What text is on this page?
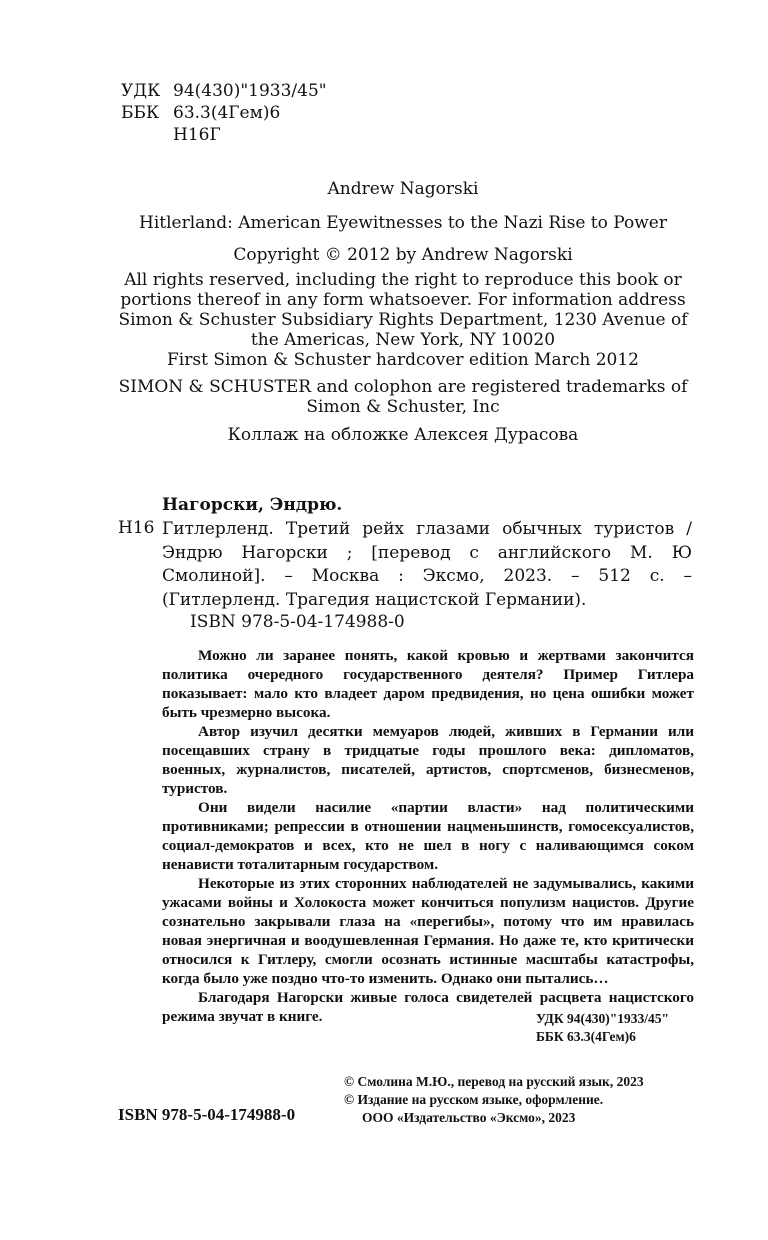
УДК 94(430)"1933/45"
ББК 63.3(4Гем)6
Н16Г
Andrew Nagorski
Hitlerland: American Eyewitnesses to the Nazi Rise to Power
Copyright © 2012 by Andrew Nagorski
All rights reserved, including the right to reproduce this book or portions thereof in any form whatsoever. For information address Simon & Schuster Subsidiary Rights Department, 1230 Avenue of the Americas, New York, NY 10020
First Simon & Schuster hardcover edition March 2012
SIMON & SCHUSTER and colophon are registered trademarks of Simon & Schuster, Inc
Коллаж на обложке Алексея Дурасова
Нагорски, Эндрю.
Н16 Гитлерленд. Третий рейх глазами обычных туристов / Эндрю Нагорски ; [перевод с английского М. Ю Смолиной]. – Москва : Эксмо, 2023. – 512 с. – (Гитлерленд. Трагедия нацистской Германии).

ISBN 978-5-04-174988-0

Можно ли заранее понять, какой кровью и жертвами закончится политика очередного государственного деятеля? Пример Гитлера показывает: мало кто владеет даром предвидения, но цена ошибки может быть чрезмерно высока.

Автор изучил десятки мемуаров людей, живших в Германии или посещавших страну в тридцатые годы прошлого века: дипломатов, военных, журналистов, писателей, артистов, спортсменов, бизнесменов, туристов.

Они видели насилие «партии власти» над политическими противниками; репрессии в отношении нацменьшинств, гомосексуалистов, социал-демократов и всех, кто не шел в ногу с наливающимся соком ненависти тоталитарным государством.

Некоторые из этих сторонних наблюдателей не задумывались, какими ужасами войны и Холокоста может кончиться популизм нацистов. Другие сознательно закрывали глаза на «перегибы», потому что им нравилась новая энергичная и воодушевленная Германия. Но даже те, кто критически относился к Гитлеру, смогли осознать истинные масштабы катастрофы, когда было уже поздно что-то изменить. Однако они пытались…

Благодаря Нагорски живые голоса свидетелей расцвета нацистского режима звучат в книге.	УДК 94(430)"1933/45"
ББК 63.3(4Гем)6
© Смолина М.Ю., перевод на русский язык, 2023
© Издание на русском языке, оформление.
ООО «Издательство «Эксмо», 2023
ISBN 978-5-04-174988-0
